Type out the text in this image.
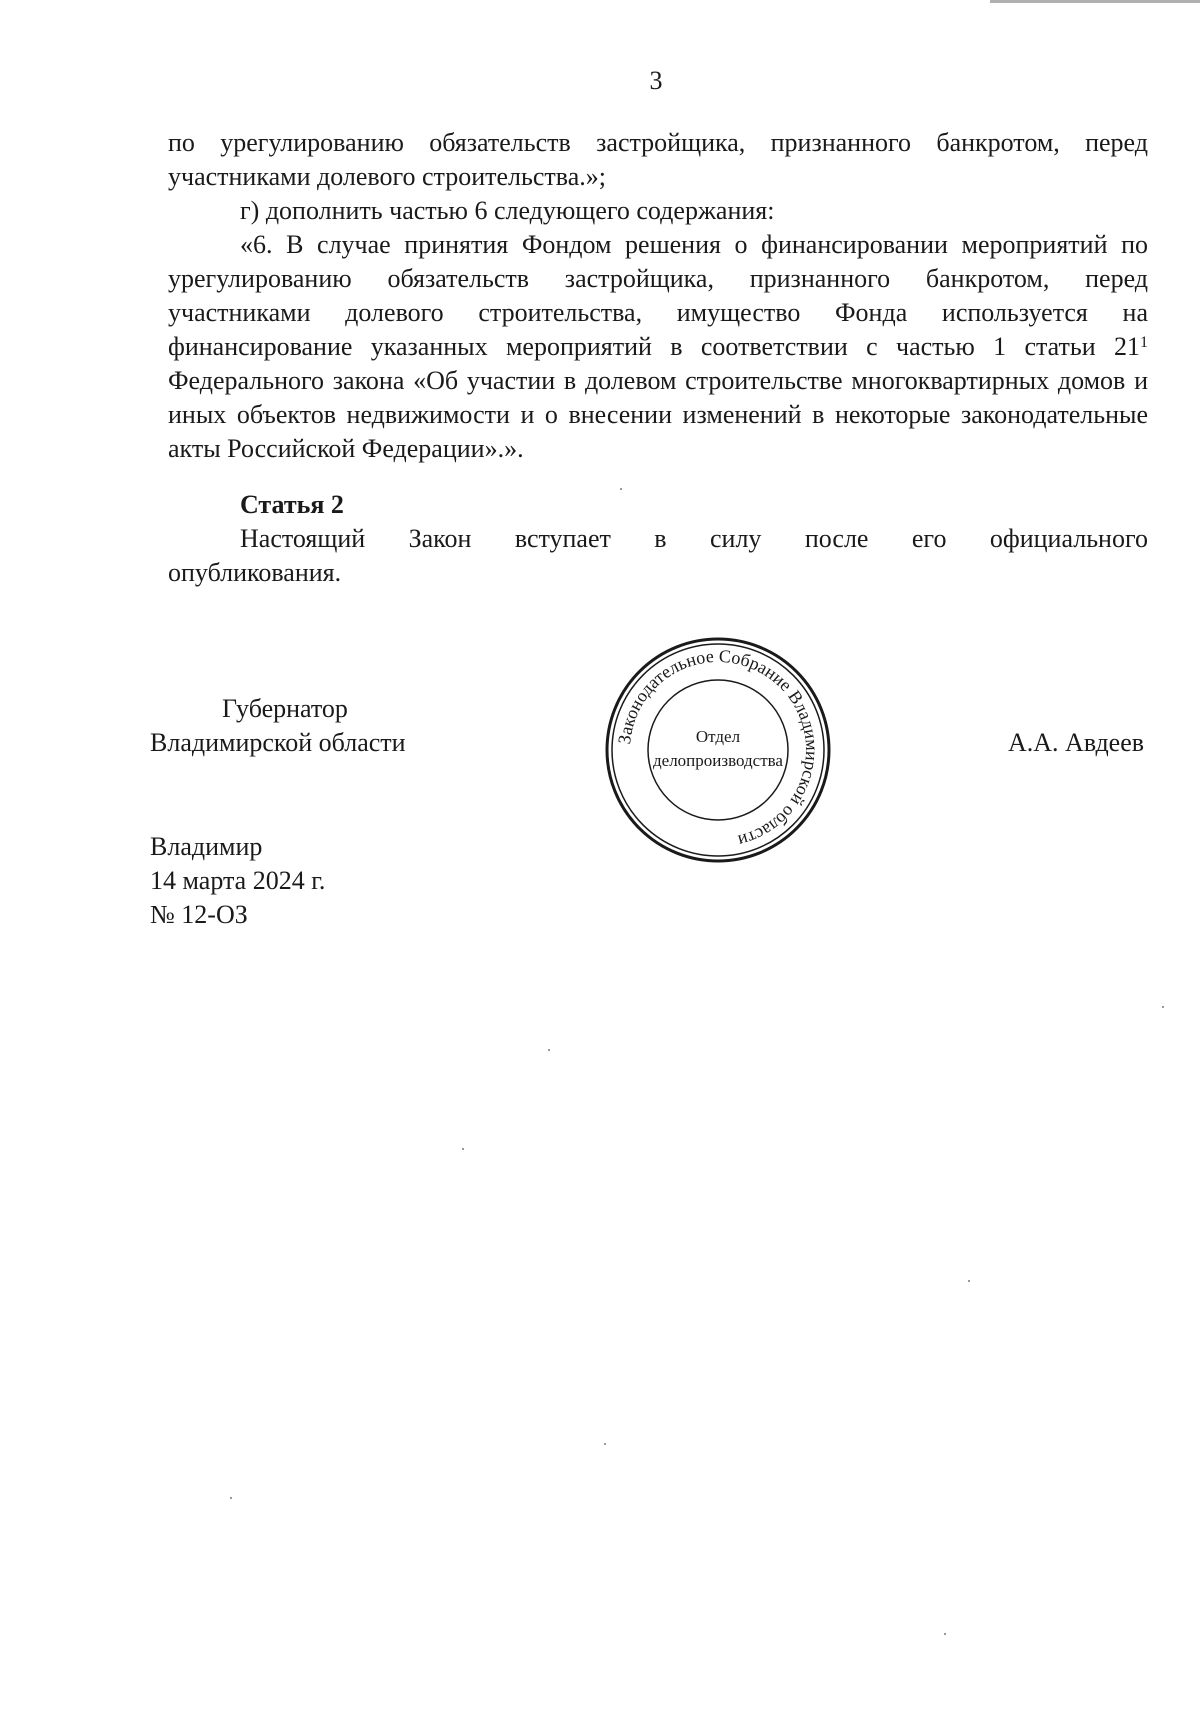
3

по урегулированию обязательств застройщика, признанного банкротом, перед участниками долевого строительства.»;

г) дополнить частью 6 следующего содержания:

«6. В случае принятия Фондом решения о финансировании мероприятий по урегулированию обязательств застройщика, признанного банкротом, перед участниками долевого строительства, имущество Фонда используется на финансирование указанных мероприятий в соответствии с частью 1 статьи $21^1$ Федерального закона «Об участии в долевом строительстве многоквартирных домов и иных объектов недвижимости и о внесении изменений в некоторые законодательные акты Российской Федерации».».

Статья 2

Настоящий Закон вступает в силу после его официального

опубликования.

Губернатор
Владимирской области	А.А. Авдеев
Владимир
14 марта 2024 г.
№ 12-ОЗ
Законодательное Собрание Владимирской области
Отдел
делопроизводства
